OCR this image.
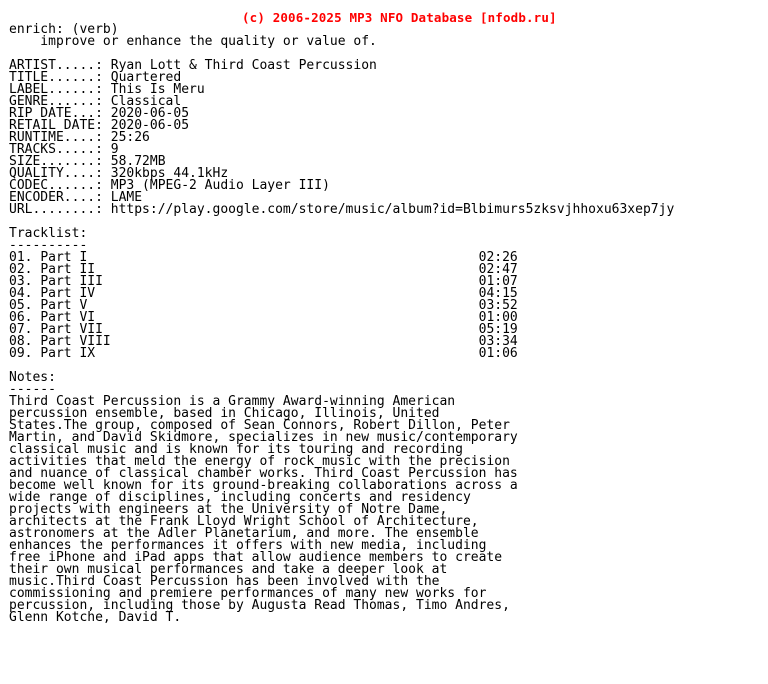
(c) 2006-2025 MP3 NFO Database [nfodb.ru]

enrich: (verb)
improve or enhance the quality or value of.

ARTIST.....: Ryan Lott & Third Coast Percussion
TITLE......: Quartered
LABEL......: This Is Meru
GENRE......: Classical
RIP DATE...: 2020-06-05
RETAIL DATE: 2020-06-05
RUNTIME....: 25:26
TRACKS.....: 9
SIZE.......: 58.72MB
QUALITY....: 320kbps 44.1kHz
CODEC......: MP3 (MPEG-2 Audio Layer III)
ENCODER....: LAME
URL........: https://play.google.com/store/music/album?id=Blbimurs5zksvjhhoxu63xep7jy

Tracklist:
----------
01. Part I	02:26
02. Part II	02:47
03. Part III	01:07
04. Part IV	04:15
05. Part V	03:52
06. Part VI	01:00
07. Part VII	05:19
08. Part VIII	03:34
09. Part IX	01:06

Notes:
------
Third Coast Percussion is a Grammy Award-winning American
percussion ensemble, based in Chicago, Illinois, United
States.The group, composed of Sean Connors, Robert Dillon, Peter
Martin, and David Skidmore, specializes in new music/contemporary
classical music and is known for its touring and recording
activities that meld the energy of rock music with the precision
and nuance of classical chamber works. Third Coast Percussion has
become well known for its ground-breaking collaborations across a
wide range of disciplines, including concerts and residency
projects with engineers at the University of Notre Dame,
architects at the Frank Lloyd Wright School of Architecture,
astronomers at the Adler Planetarium, and more. The ensemble
enhances the performances it offers with new media, including
free iPhone and iPad apps that allow audience members to create
their own musical performances and take a deeper look at
music.Third Coast Percussion has been involved with the
commissioning and premiere performances of many new works for
percussion, including those by Augusta Read Thomas, Timo Andres,
Glenn Kotche, David T.
